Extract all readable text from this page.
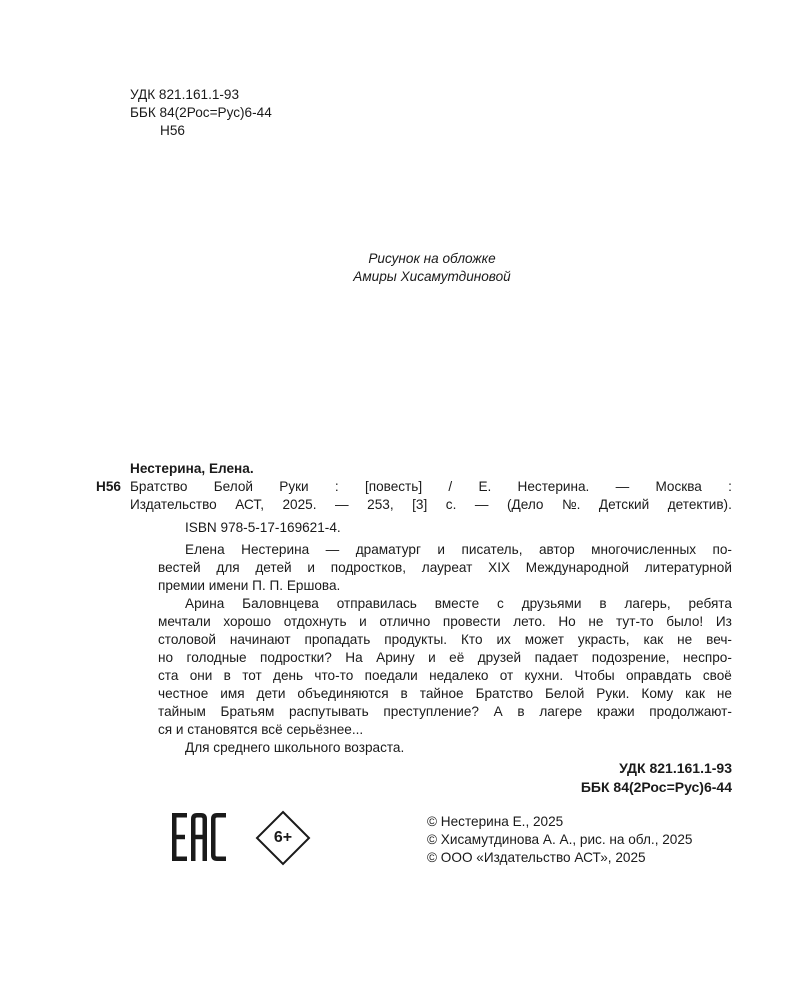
УДК 821.161.1-93
ББК 84(2Рос=Рус)6-44
Н56
Рисунок на обложке
Амиры Хисамутдиновой
Нестерина, Елена.
Н56 Братство Белой Руки : [повесть] / Е. Нестерина. — Москва :
Издательство АСТ, 2025. — 253, [3] с. — (Дело №. Детский детектив).
ISBN 978-5-17-169621-4.
Елена Нестерина — драматург и писатель, автор многочисленных по-
вестей для детей и подростков, лауреат XIX Международной литературной
премии имени П. П. Ершова.
Арина Баловнцева отправилась вместе с друзьями в лагерь, ребята
мечтали хорошо отдохнуть и отлично провести лето. Но не тут-то было! Из
столовой начинают пропадать продукты. Кто их может украсть, как не веч-
но голодные подростки? На Арину и её друзей падает подозрение, неспро-
ста они в тот день что-то поедали недалеко от кухни. Чтобы оправдать своё
честное имя дети объединяются в тайное Братство Белой Руки. Кому как не
тайным Братьям распутывать преступление? А в лагере кражи продолжают-
ся и становятся всё серьёзнее...
Для среднего школьного возраста.
УДК 821.161.1-93
ББК 84(2Рос=Рус)6-44
6+
© Нестерина Е., 2025
© Хисамутдинова А. А., рис. на обл., 2025
© ООО «Издательство АСТ», 2025
